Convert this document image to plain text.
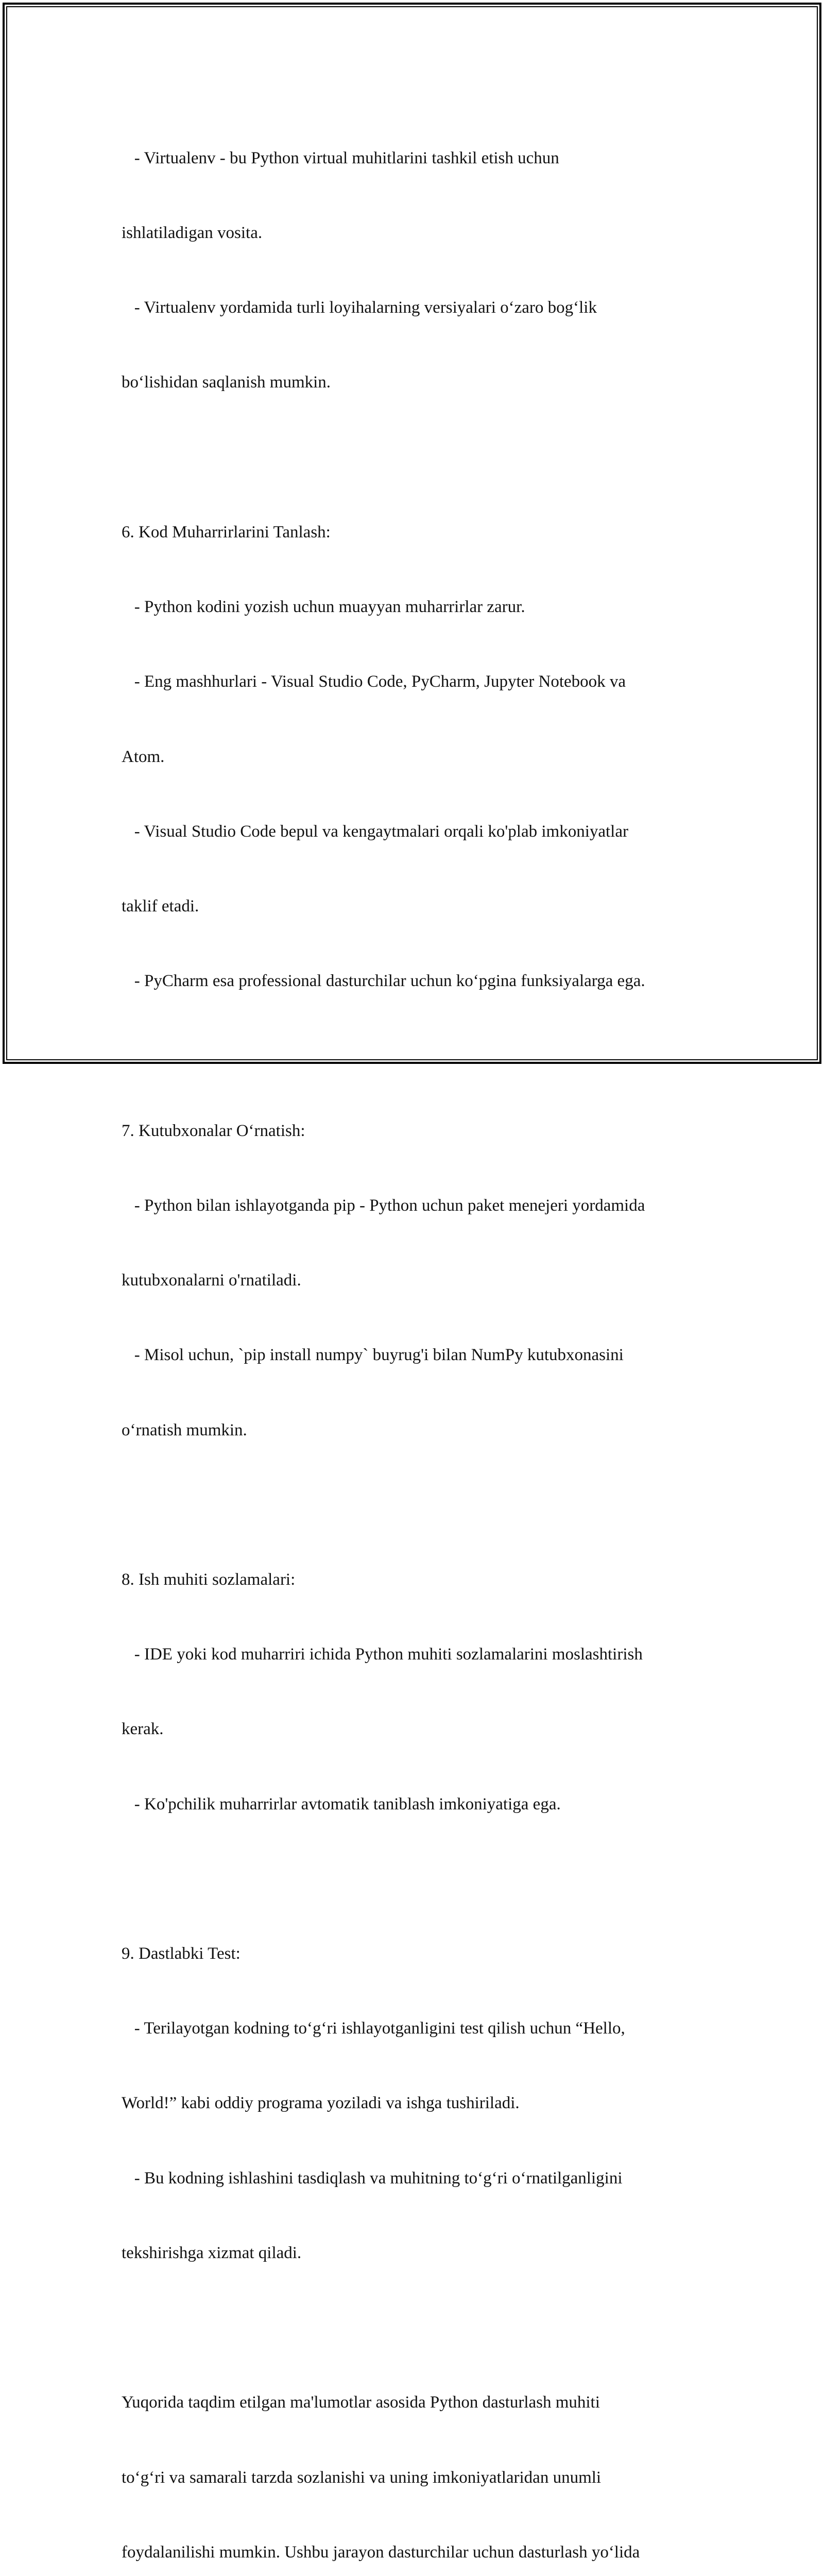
- Virtualenv - bu Python virtual muhitlarini tashkil etish uchun

ishlatiladigan vosita.

- Virtualenv yordamida turli loyihalarning versiyalari o‘zaro bog‘lik

bo‘lishidan saqlanish mumkin.

6. Kod Muharrirlarini Tanlash:

- Python kodini yozish uchun muayyan muharrirlar zarur.

- Eng mashhurlari - Visual Studio Code, PyCharm, Jupyter Notebook va

Atom.

- Visual Studio Code bepul va kengaytmalari orqali ko'plab imkoniyatlar

taklif etadi.

- PyCharm esa professional dasturchilar uchun ko‘pgina funksiyalarga ega.

7. Kutubxonalar O‘rnatish:

- Python bilan ishlayotganda pip - Python uchun paket menejeri yordamida

kutubxonalarni o'rnatiladi.

- Misol uchun, `pip install numpy` buyrug'i bilan NumPy kutubxonasini

o‘rnatish mumkin.

8. Ish muhiti sozlamalari:

- IDE yoki kod muharriri ichida Python muhiti sozlamalarini moslashtirish

kerak.

- Ko'pchilik muharrirlar avtomatik taniblash imkoniyatiga ega.

9. Dastlabki Test:

- Terilayotgan kodning to‘g‘ri ishlayotganligini test qilish uchun “Hello,

World!” kabi oddiy programa yoziladi va ishga tushiriladi.

- Bu kodning ishlashini tasdiqlash va muhitning to‘g‘ri o‘rnatilganligini

tekshirishga xizmat qiladi.

Yuqorida taqdim etilgan ma'lumotlar asosida Python dasturlash muhiti

to‘g‘ri va samarali tarzda sozlanishi va uning imkoniyatlaridan unumli

foydalanilishi mumkin. Ushbu jarayon dasturchilar uchun dasturlash yo‘lida
